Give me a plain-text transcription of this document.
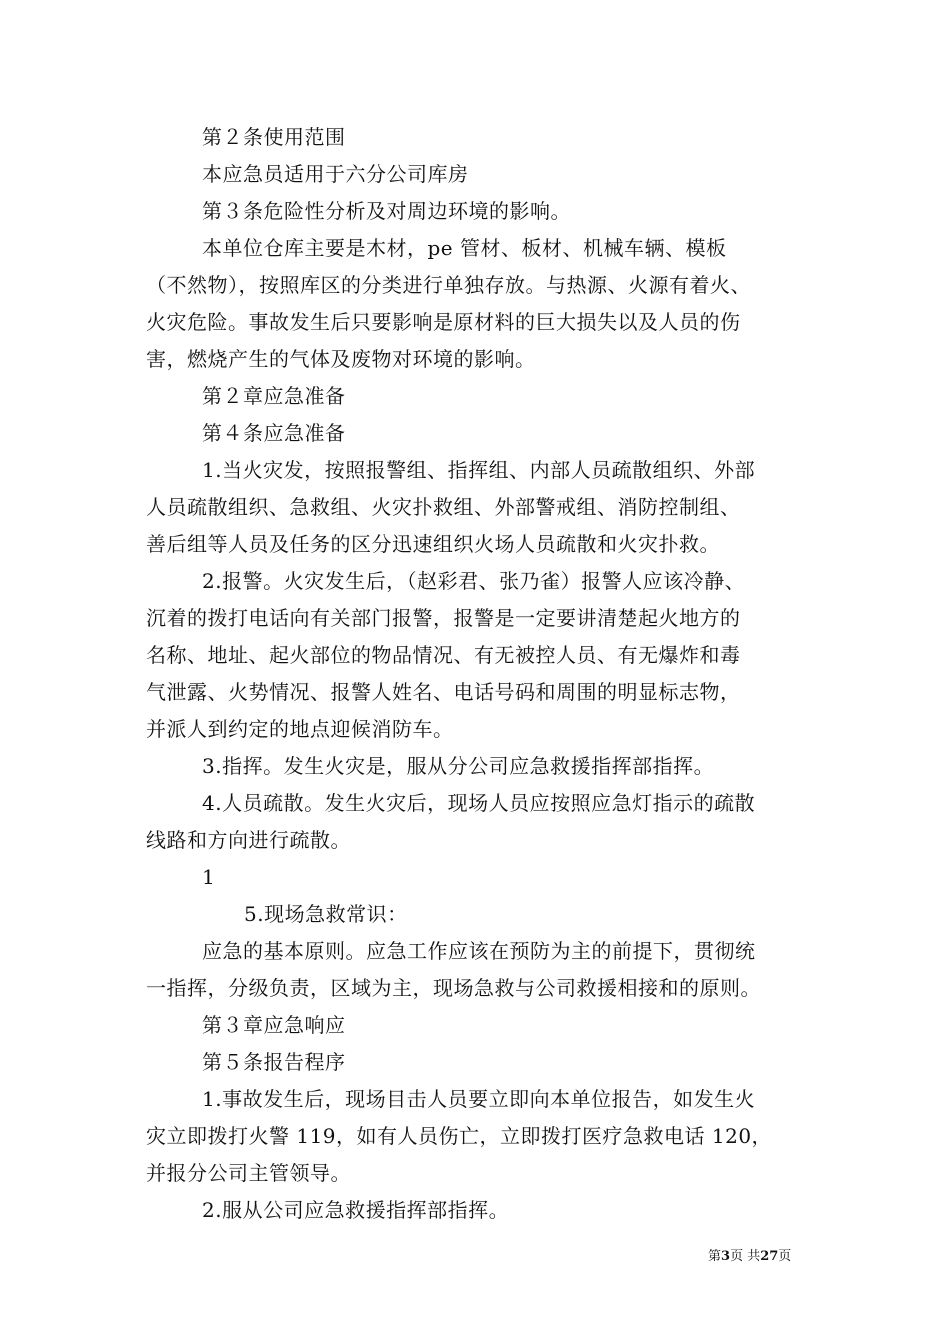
第２条使用范围
本应急员适用于六分公司库房
第３条危险性分析及对周边环境的影响。
本单位仓库主要是木材，pe 管材、板材、机械车辆、模板
（不然物），按照库区的分类进行单独存放。与热源、火源有着火、
火灾危险。事故发生后只要影响是原材料的巨大损失以及人员的伤
害，燃烧产生的气体及废物对环境的影响。
第２章应急准备
第４条应急准备
1.当火灾发，按照报警组、指挥组、内部人员疏散组织、外部
人员疏散组织、急救组、火灾扑救组、外部警戒组、消防控制组、
善后组等人员及任务的区分迅速组织火场人员疏散和火灾扑救。
2.报警。火灾发生后，（赵彩君、张乃雀）报警人应该冷静、
沉着的拨打电话向有关部门报警，报警是一定要讲清楚起火地方的
名称、地址、起火部位的物品情况、有无被控人员、有无爆炸和毒
气泄露、火势情况、报警人姓名、电话号码和周围的明显标志物，
并派人到约定的地点迎候消防车。
3.指挥。发生火灾是，服从分公司应急救援指挥部指挥。
4.人员疏散。发生火灾后，现场人员应按照应急灯指示的疏散
线路和方向进行疏散。
1
5.现场急救常识：
应急的基本原则。应急工作应该在预防为主的前提下，贯彻统
一指挥，分级负责，区域为主，现场急救与公司救援相接和的原则。
第３章应急响应
第５条报告程序
1.事故发生后，现场目击人员要立即向本单位报告，如发生火
灾立即拨打火警 119，如有人员伤亡，立即拨打医疗急救电话 120，
并报分公司主管领导。
2.服从公司应急救援指挥部指挥。
第3页 共27页
